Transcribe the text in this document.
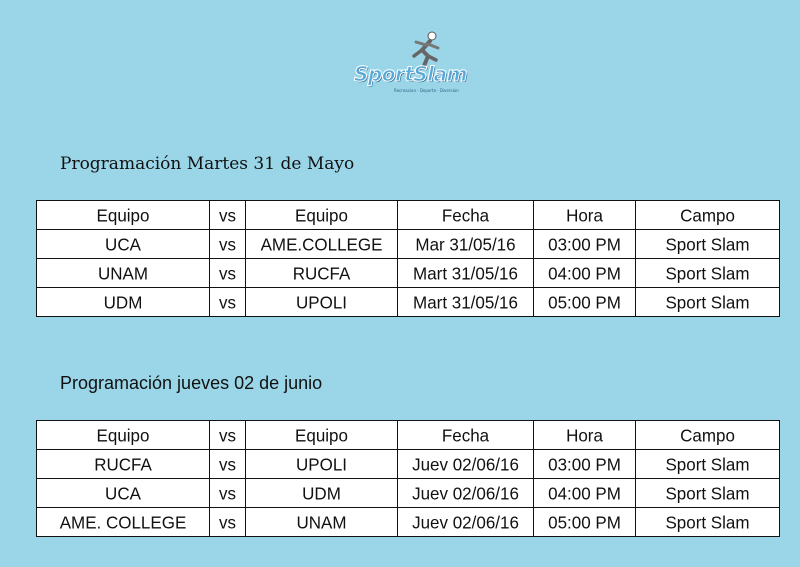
SportSlam
Recreacion · Deporte · Diversion
Programación Martes 31 de Mayo
Equipo	vs	Equipo	Fecha	Hora	Campo
UCA	vs	AME.COLLEGE	Mar 31/05/16	03:00 PM	Sport Slam
UNAM	vs	RUCFA	Mart 31/05/16	04:00 PM	Sport Slam
UDM	vs	UPOLI	Mart 31/05/16	05:00 PM	Sport Slam
Programación jueves 02 de junio
Equipo	vs	Equipo	Fecha	Hora	Campo
RUCFA	vs	UPOLI	Juev 02/06/16	03:00 PM	Sport Slam
UCA	vs	UDM	Juev 02/06/16	04:00 PM	Sport Slam
AME. COLLEGE	vs	UNAM	Juev 02/06/16	05:00 PM	Sport Slam
